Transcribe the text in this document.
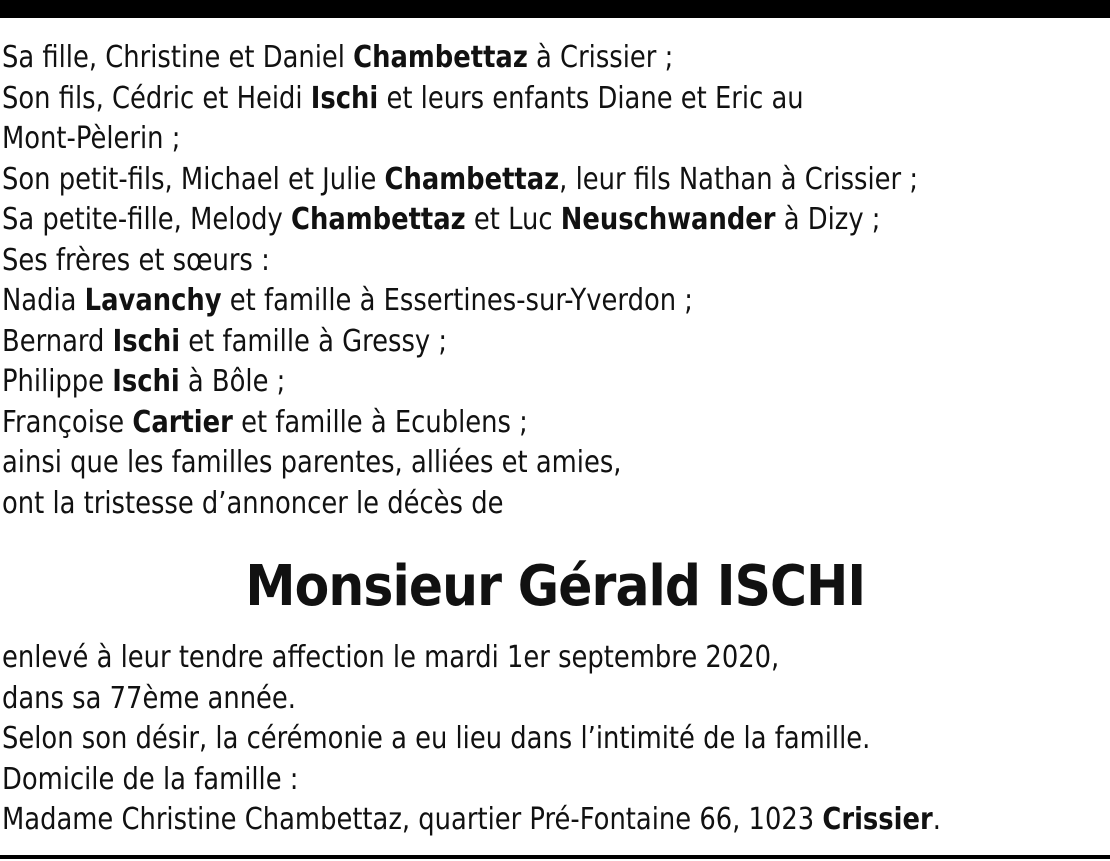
Sa fille, Christine et Daniel Chambettaz à Crissier ;
Son fils, Cédric et Heidi Ischi et leurs enfants Diane et Eric au
Mont-Pèlerin ;
Son petit-fils, Michael et Julie Chambettaz, leur fils Nathan à Crissier ;
Sa petite-fille, Melody Chambettaz et Luc Neuschwander à Dizy ;
Ses frères et sœurs :
Nadia Lavanchy et famille à Essertines-sur-Yverdon ;
Bernard Ischi et famille à Gressy ;
Philippe Ischi à Bôle ;
Françoise Cartier et famille à Ecublens ;
ainsi que les familles parentes, alliées et amies,
ont la tristesse d’annoncer le décès de
Monsieur Gérald ISCHI
enlevé à leur tendre affection le mardi 1er septembre 2020,
dans sa 77ème année.
Selon son désir, la cérémonie a eu lieu dans l’intimité de la famille.
Domicile de la famille :
Madame Christine Chambettaz, quartier Pré-Fontaine 66, 1023 Crissier.
